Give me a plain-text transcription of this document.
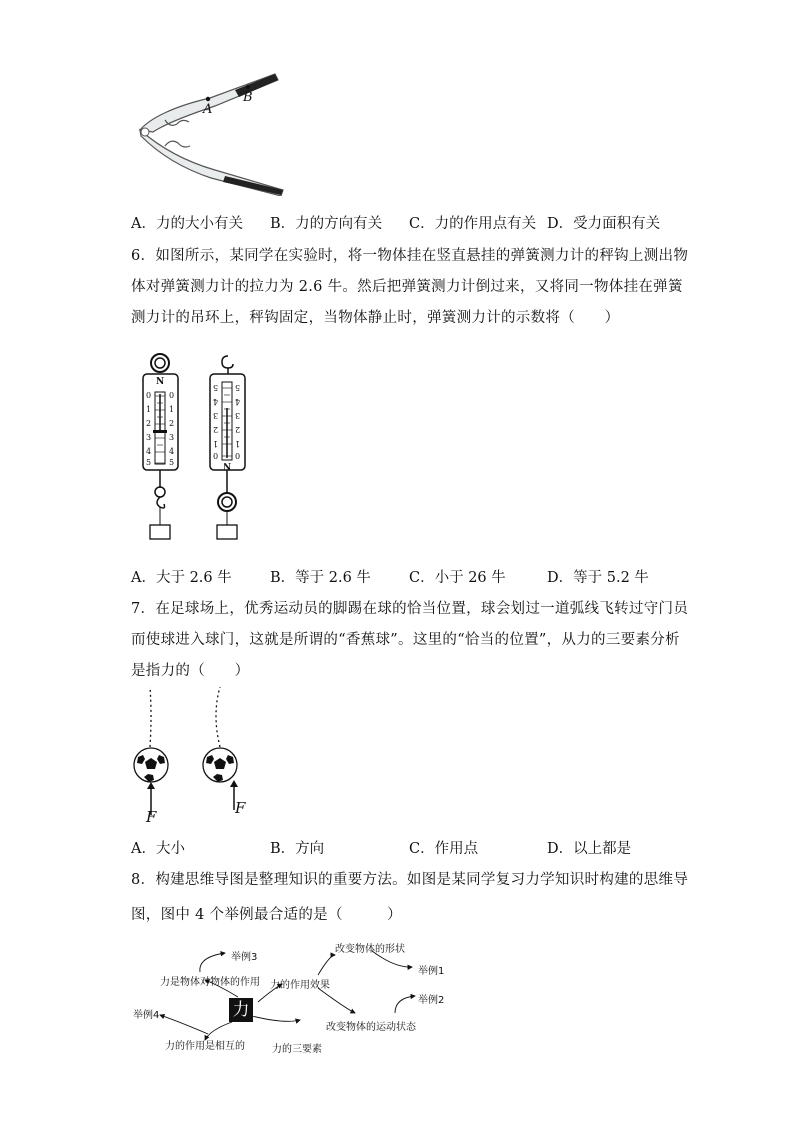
A
B
A．力的大小有关 B．力的方向有关 C．力的作用点有关 D．受力面积有关
6．如图所示，某同学在实验时，将一物体挂在竖直悬挂的弹簧测力计的秤钩上测出物
体对弹簧测力计的拉力为 2.6 牛。然后把弹簧测力计倒过来，又将同一物体挂在弹簧
测力计的吊环上，秤钩固定，当物体静止时，弹簧测力计的示数将（　　）
N
0
1
2
3
4
5
0
1
2
3
4
5	N
5
4
3
2
1
0
5
4
3
2
1
0
A．大于 2.6 牛	B．等于 2.6 牛	C．小于 26 牛	D．等于 5.2 牛
7．在足球场上，优秀运动员的脚踢在球的恰当位置，球会划过一道弧线飞转过守门员
而使球进入球门，这就是所谓的“香蕉球”。这里的“恰当的位置”，从力的三要素分析
是指力的（　　）
F	F
A．大小	B．方向	C．作用点	D．以上都是
8．构建思维导图是整理知识的重要方法。如图是某同学复习力学知识时构建的思维导
图，图中 4 个举例最合适的是（　　　）
力
力是物体对物体的作用 力的作用效果
改变物体的形状
改变物体的运动状态
力的作用是相互的	力的三要素
举例1
举例2
举例3
举例4
